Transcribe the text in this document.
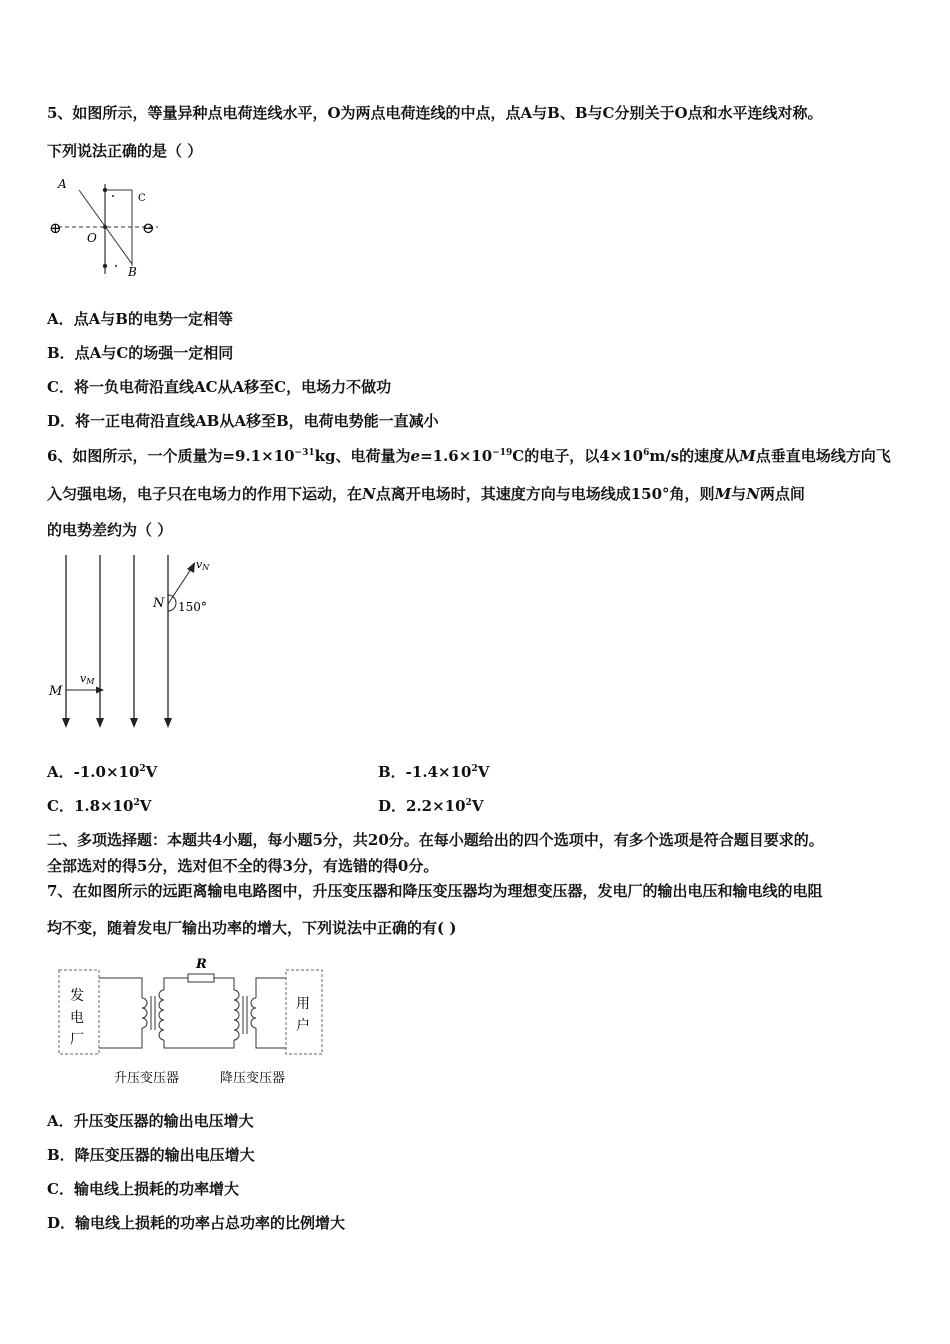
5、如图所示，等量异种点电荷连线水平，O为两点电荷连线的中点，点A与B、B与C分别关于O点和水平连线对称。
下列说法正确的是（ ）
A
C
O
B
⊕	⊖
A．点A与B的电势一定相等
B．点A与C的场强一定相同
C．将一负电荷沿直线AC从A移至C，电场力不做功
D．将一正电荷沿直线AB从A移至B，电荷电势能一直减小
6、如图所示，一个质量为$=9.1\times 10^{-31}kg$、电荷量为$e=1.6\times 10^{-19}C$的电子，以$4\times 10^6m/s$的速度从M点垂直电场线方向飞
入匀强电场，电子只在电场力的作用下运动，在N点离开电场时，其速度方向与电场线成150°角，则M与N两点间
的电势差约为（ ）
M
vM
N 150°
vN
A．$-1.0\times 10^2V$	B．$-1.4\times 10^2V$
C．$1.8\times 10^2V$	D．$2.2\times 10^2V$
二、多项选择题：本题共4小题，每小题5分，共20分。在每小题给出的四个选项中，有多个选项是符合题目要求的。
全部选对的得5分，选对但不全的得3分，有选错的得0分。
7、在如图所示的远距离输电电路图中，升压变压器和降压变压器均为理想变压器，发电厂的输出电压和输电线的电阻
均不变，随着发电厂输出功率的增大，下列说法中正确的有( )
R
发
电
厂
用
户
升压变压器	降压变压器
A．升压变压器的输出电压增大
B．降压变压器的输出电压增大
C．输电线上损耗的功率增大
D．输电线上损耗的功率占总功率的比例增大
